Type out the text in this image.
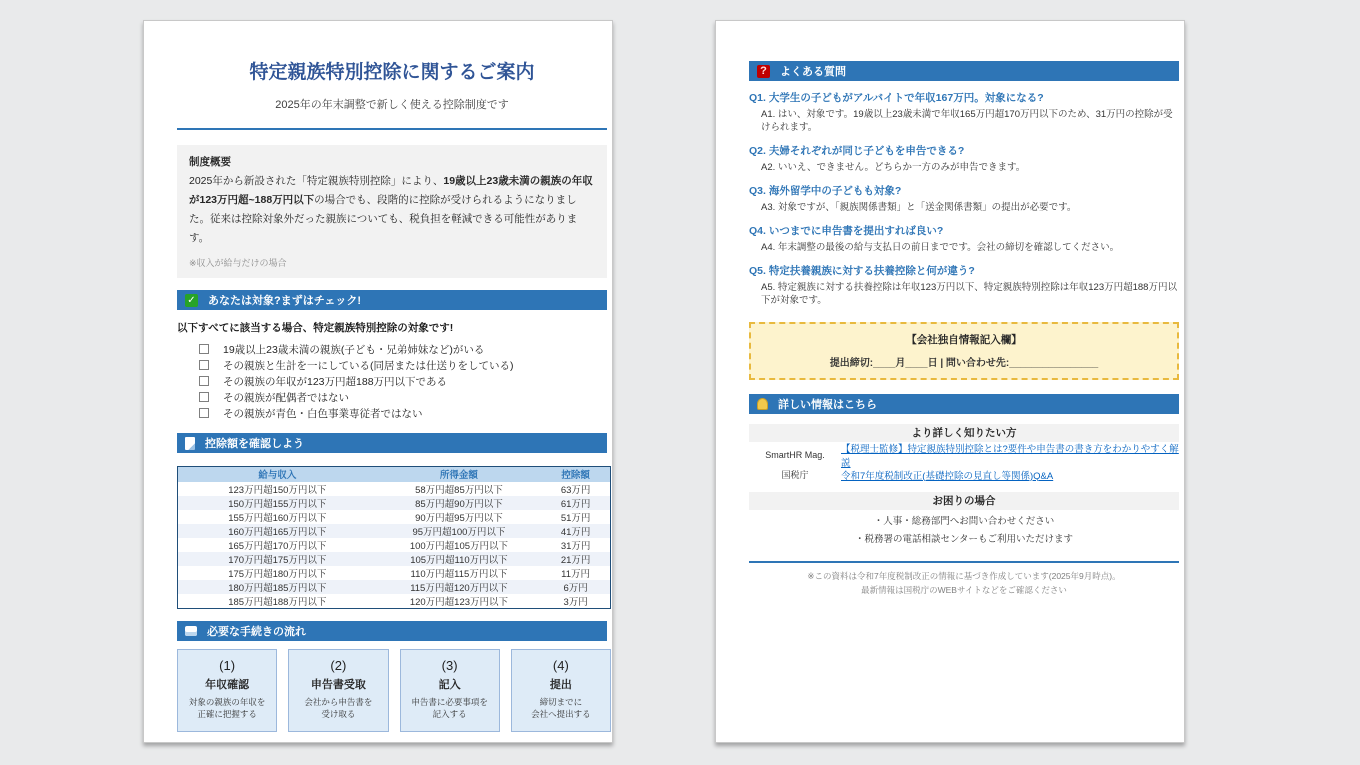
特定親族特別控除に関するご案内
2025年の年末調整で新しく使える控除制度です
制度概要
2025年から新設された「特定親族特別控除」により、19歳以上23歳未満の親族の年収が123万円超~188万円以下の場合でも、段階的に控除が受けられるようになりました。従来は控除対象外だった親族についても、税負担を軽減できる可能性があります。
※収入が給与だけの場合
✓ あなたは対象?まずはチェック!
以下すべてに該当する場合、特定親族特別控除の対象です!
19歳以上23歳未満の親族(子ども・兄弟姉妹など)がいる
その親族と生計を一にしている(同居または仕送りをしている)
その親族の年収が123万円超188万円以下である
その親族が配偶者ではない
その親族が青色・白色事業専従者ではない
控除額を確認しよう
給与収入	所得金額	控除額
123万円超150万円以下	58万円超85万円以下	63万円
150万円超155万円以下	85万円超90万円以下	61万円
155万円超160万円以下	90万円超95万円以下	51万円
160万円超165万円以下	95万円超100万円以下	41万円
165万円超170万円以下	100万円超105万円以下	31万円
170万円超175万円以下	105万円超110万円以下	21万円
175万円超180万円以下	110万円超115万円以下	11万円
180万円超185万円以下	115万円超120万円以下	6万円
185万円超188万円以下	120万円超123万円以下	3万円
必要な手続きの流れ
(1)
年収確認
対象の親族の年収を
正確に把握する
(2)
申告書受取
会社から申告書を
受け取る
(3)
記入
申告書に必要事項を
記入する
(4)
提出
締切までに
会社へ提出する
? よくある質問
Q1. 大学生の子どもがアルバイトで年収167万円。対象になる?
A1. はい、対象です。19歳以上23歳未満で年収165万円超170万円以下のため、31万円の控除が受けられます。
Q2. 夫婦それぞれが同じ子どもを申告できる?
A2. いいえ、できません。どちらか一方のみが申告できます。
Q3. 海外留学中の子どもも対象?
A3. 対象ですが、「親族関係書類」と「送金関係書類」の提出が必要です。
Q4. いつまでに申告書を提出すれば良い?
A4. 年末調整の最後の給与支払日の前日までです。会社の締切を確認してください。
Q5. 特定扶養親族に対する扶養控除と何が違う?
A5. 特定親族に対する扶養控除は年収123万円以下、特定親族特別控除は年収123万円超188万円以下が対象です。
【会社独自情報記入欄】
提出締切:____月____日 | 問い合わせ先:________________
詳しい情報はこちら
より詳しく知りたい方
SmartHR Mag.	【税理士監修】特定親族特別控除とは?要件や申告書の書き方をわかりやすく解説
国税庁	令和7年度税制改正(基礎控除の見直し等関係)Q&A
お困りの場合
・人事・総務部門へお問い合わせください
・税務署の電話相談センターもご利用いただけます
※この資料は令和7年度税制改正の情報に基づき作成しています(2025年9月時点)。
最新情報は国税庁のWEBサイトなどをご確認ください
